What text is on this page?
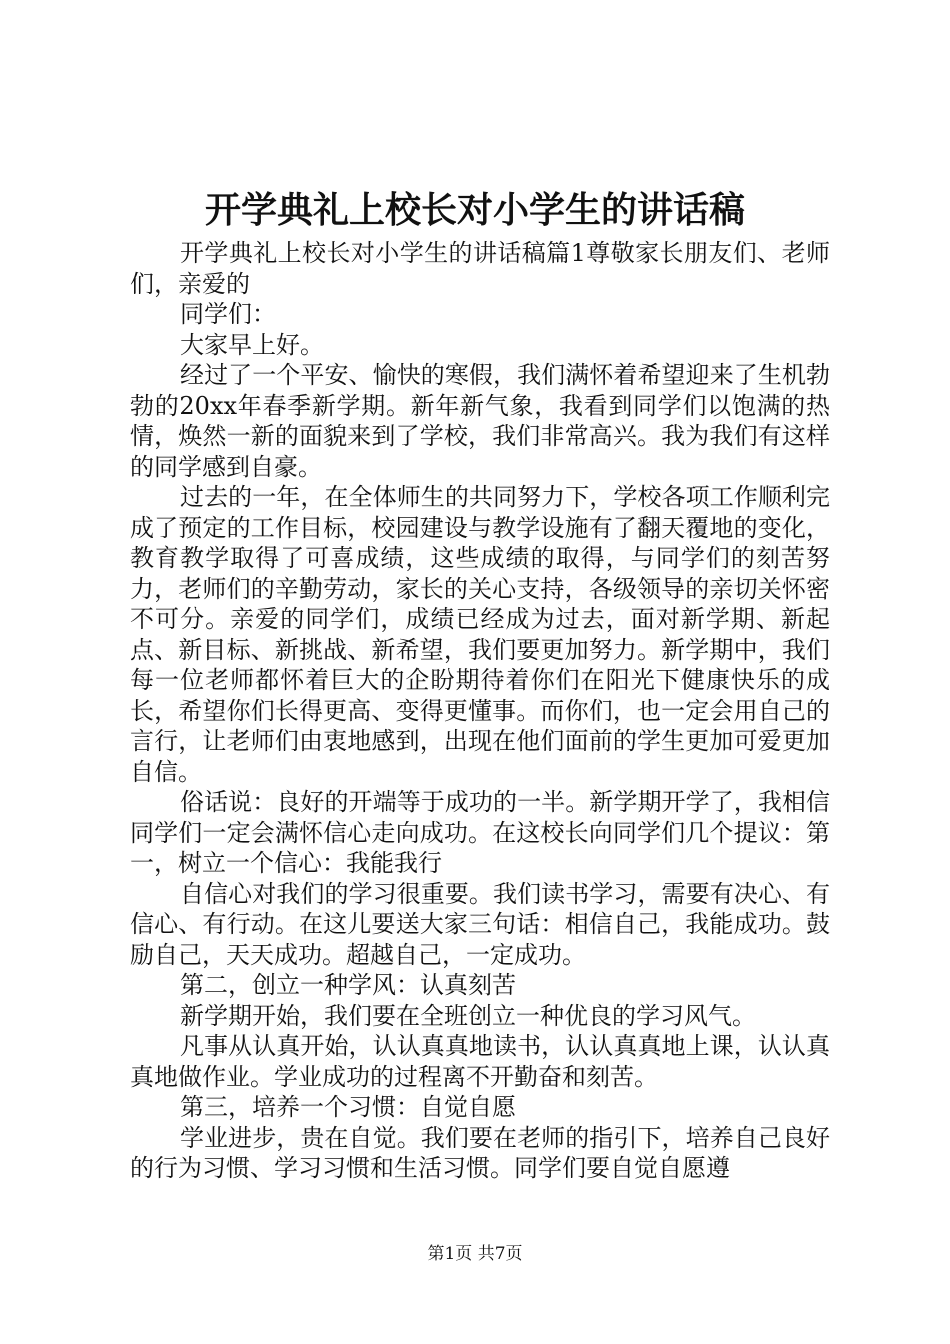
开学典礼上校长对小学生的讲话稿

开学典礼上校长对小学生的讲话稿篇1尊敬家长朋友们、老师们，亲爱的

同学们：

大家早上好。

经过了一个平安、愉快的寒假，我们满怀着希望迎来了生机勃勃的20xx年春季新学期。新年新气象，我看到同学们以饱满的热情，焕然一新的面貌来到了学校，我们非常高兴。我为我们有这样的同学感到自豪。

过去的一年，在全体师生的共同努力下，学校各项工作顺利完成了预定的工作目标，校园建设与教学设施有了翻天覆地的变化，教育教学取得了可喜成绩，这些成绩的取得，与同学们的刻苦努力，老师们的辛勤劳动，家长的关心支持，各级领导的亲切关怀密不可分。亲爱的同学们，成绩已经成为过去，面对新学期、新起点、新目标、新挑战、新希望，我们要更加努力。新学期中，我们每一位老师都怀着巨大的企盼期待着你们在阳光下健康快乐的成长，希望你们长得更高、变得更懂事。而你们，也一定会用自己的言行，让老师们由衷地感到，出现在他们面前的学生更加可爱更加自信。

俗话说：良好的开端等于成功的一半。新学期开学了，我相信同学们一定会满怀信心走向成功。在这校长向同学们几个提议：第一，树立一个信心：我能我行

自信心对我们的学习很重要。我们读书学习，需要有决心、有信心、有行动。在这儿要送大家三句话：相信自己，我能成功。鼓励自己，天天成功。超越自己，一定成功。

第二，创立一种学风：认真刻苦

新学期开始，我们要在全班创立一种优良的学习风气。

凡事从认真开始，认认真真地读书，认认真真地上课，认认真真地做作业。学业成功的过程离不开勤奋和刻苦。

第三，培养一个习惯：自觉自愿

学业进步，贵在自觉。我们要在老师的指引下，培养自己良好的行为习惯、学习习惯和生活习惯。同学们要自觉自愿遵

第1页 共7页
